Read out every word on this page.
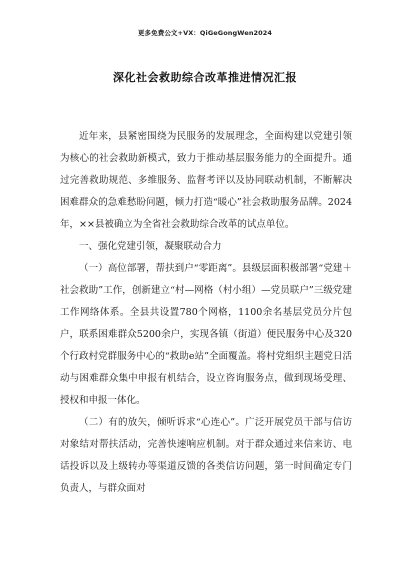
更多免费公文+VX：QiGeGongWen2024
深化社会救助综合改革推进情况汇报

近年来，县紧密围绕为民服务的发展理念，全面构建以党建引领为核心的社会救助新模式，致力于推动基层服务能力的全面提升。通过完善救助规范、多维服务、监督考评以及协同联动机制，不断解决困难群众的急难愁盼问题，倾力打造“暖心”社会救助服务品牌。2024年，××县被确立为全省社会救助综合改革的试点单位。

一、强化党建引领，凝聚联动合力

（一）高位部署，帮扶到户“零距离”。县级层面积极部署“党建＋社会救助”工作，创新建立“村—网格（村小组）—党员联户”三级党建工作网络体系。全县共设置780个网格，1100余名基层党员分片包户，联系困难群众5200余户，实现各镇（街道）便民服务中心及320个行政村党群服务中心的“救助e站”全面覆盖。将村党组织主题党日活动与困难群众集中申报有机结合，设立咨询服务点，做到现场受理、授权和申报一体化。

（二）有的放矢，倾听诉求“心连心”。广泛开展党员干部与信访对象结对帮扶活动，完善快速响应机制。对于群众通过来信来访、电话投诉以及上级转办等渠道反馈的各类信访问题，第一时间确定专门负责人，与群众面对
